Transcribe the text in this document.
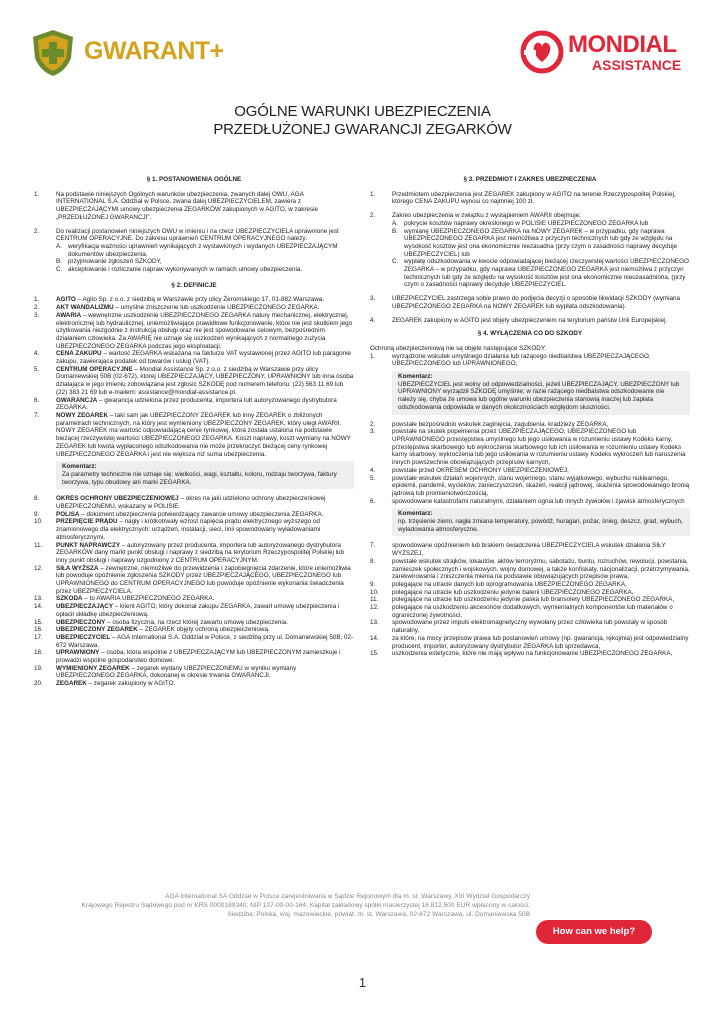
GWARANT+	MONDIAL
ASSISTANCE
OGÓLNE WARUNKI UBEZPIECZENIA
PRZEDŁUŻONEJ GWARANCJI ZEGARKÓW
§ 1. POSTANOWIENIA OGÓLNE
1.	Na podstawie niniejszych Ogólnych warunków ubezpieczenia, zwanych dalej OWU, AGA INTERNATIONAL S.A. Oddział w Polsce, zwana dalej UBEZPIECZYCIELEM, zawiera z UBEZPIECZAJĄCYMI umowy ubezpieczenia ZEGARKÓW zakupionych w AGITO, w zakresie „PRZEDŁUŻONEJ GWARANCJI”.
2.	Do realizacji postanowień niniejszych OWU w imieniu i na rzecz UBEZPIECZYCIELA uprawnione jest CENTRUM OPERACYJNE. Do zakresu uprawnień CENTRUM OPERACYJNEGO należy:
A. weryfikacja ważności uprawnień wynikających z wystawionych i wydanych UBEZPIECZAJĄCYM dokumentów ubezpieczenia,
B. przyjmowanie zgłoszeń SZKODY,
C. akceptowanie i rozliczanie napraw wykonywanych w ramach umowy ubezpieczenia.
§ 2. DEFINICJE
1.	AGITO – Agito Sp. z o.o. z siedzibą w Warszawie przy ulicy Żeromskiego 17, 01-882 Warszawa.
2.	AKT WANDALIZMU – umyślne zniszczenie lub uszkodzenie UBEZPIECZONEGO ZEGARKA.
3.	AWARIA – wewnętrzne uszkodzenie UBEZPIECZONEGO ZEGARKA natury mechanicznej, elektrycznej, elektronicznej lub hydraulicznej, uniemożliwiające prawidłowe funkcjonowanie, które nie jest skutkiem jego użytkowania niezgodnie z instrukcją obsługi oraz nie jest spowodowane celowym, bezpośrednim działaniem człowieka. Za AWARIĘ nie uznaje się uszkodzeń wynikających z normalnego zużycia UBEZPIECZONEGO ZEGARKA podczas jego eksploatacji.
4.	CENA ZAKUPU – wartość ZEGARKA wskazana na fakturze VAT wystawionej przez AGITO lub paragonie zakupu, zawierająca podatek od towarów i usług (VAT).
5.	CENTRUM OPERACYJNE – Mondial Assistance Sp. z o.o. z siedzibą w Warszawie przy ulicy Domaniewskiej 50B (02-672), której UBEZPIECZAJĄCY, UBEZPIECZONY, UPRAWNIONY lub inna osoba działająca w jego imieniu zobowiązana jest zgłosić SZKODĘ pod numerem telefonu: (22) 563 11 69 lub (22) 383 21 69 lub e-mailem: assistance@mondial-assistance.pl.
6.	GWARANCJA – gwarancja udzielona przez producenta, importera lub autoryzowanego dystrybutora ZEGARKA.
7.	NOWY ZEGAREK – taki sam jak UBEZPIECZONY ZEGAREK lub inny ZEGAREK o zbliżonych parametrach technicznych, na który jest wymieniony UBEZPIECZONY ZEGAREK, który uległ AWARII. NOWY ZEGAREK ma wartość odpowiadającą cenie rynkowej, która została ustalona na podstawie bieżącej rzeczywistej wartości UBEZPIECZONEGO ZEGARKA. Koszt naprawy, koszt wymiany na NOWY ZEGAREK lub kwota wypłaconego odszkodowania nie może przekroczyć bieżącej ceny rynkowej UBEZPIECZONEGO ZEGARKA i jest nie większa niż suma ubezpieczenia.
Komentarz:
Za parametry techniczne nie uznaje się: wielkości, wagi, kształtu, koloru, rodzaju tworzywa, faktury tworzywa, typu obudowy ani marki ZEGARKA.
8.	OKRES OCHRONY UBEZPIECZENIOWEJ – okres na jaki udzielono ochrony ubezpieczeniowej UBEZPIECZONEMU, wskazany w POLISIE.
9.	POLISA – dokument ubezpieczenia potwierdzający zawarcie umowy ubezpieczenia ZEGARKA.
10. PRZEPIĘCIE PRĄDU – nagły i krótkotrwały wzrost napięcia prądu elektrycznego wyższego od znamionowego dla elektrycznych: urządzeń, instalacji, sieci, linii spowodowany wyładowaniami atmosferycznymi.
11. PUNKT NAPRAWCZY – autoryzowany przez producenta, importera lub autoryzowanego dystrybutora ZEGARKÓW dany markt punkt obsługi i naprawy z siedzibą na terytorium Rzeczypospolitej Polskiej lub inny punkt obsługi i naprawy uzgodniony z CENTRUM OPERACYJNYM.
12. SIŁA WYŻSZA – zewnętrzne, niemożliwe do przewidzenia i zapobiegnięcia zdarzenie, które uniemożliwia lub powoduje opóźnienie zgłoszenia SZKODY przez UBEZPIECZAJĄCEGO, UBEZPIECZONEGO lub UPRAWNIONEGO do CENTRUM OPERACYJNEGO lub powoduje opóźnienie wykonania świadczenia przez UBEZPIECZYCIELA.
13. SZKODA – to AWARIA UBEZPIECZONEGO ZEGARKA.
14. UBEZPIECZAJĄCY – klient AGITO, który dokonał zakupu ZEGARKA, zawarł umowę ubezpieczenia i opłacił składkę ubezpieczeniową.
15. UBEZPIECZONY – osoba fizyczna, na rzecz której zawarto umowę ubezpieczenia.
16. UBEZPIECZONY ZEGAREK – ZEGAREK objęty ochroną ubezpieczeniową.
17. UBEZPIECZYCIEL – AGA International S.A. Oddział w Polsce, z siedzibą przy ul. Domaniewskiej 50B, 02-672 Warszawa.
18. UPRAWNIONY – osoba, która wspólnie z UBEZPIECZAJĄCYM lub UBEZPIECZONYM zamieszkuje i prowadzi wspólne gospodarstwo domowe.
19. WYMIENIONY ZEGAREK – zegarek wydany UBEZPIECZONEMU w wyniku wymiany UBEZPIECZONEGO ZEGARKA, dokonanej w okresie trwania GWARANCJI.
20. ZEGAREK – zegarek zakupiony w AGITO.
§ 3. PRZEDMIOT I ZAKRES UBEZPIECZENIA
1.	Przedmiotem ubezpieczenia jest ZEGAREK zakupiony w AGITO na terenie Rzeczypospolitej Polskiej, którego CENA ZAKUPU wynosi co najmniej 100 zł.
2.	Zakres ubezpieczenia w związku z wystąpieniem AWARII obejmuje:
A. pokrycie kosztów naprawy określonego w POLISIE UBEZPIECZONEGO ZEGARKA lub
B. wymianę UBEZPIECZONEGO ZEGARKA na NOWY ZEGAREK – w przypadku, gdy naprawa UBEZPIECZONEGO ZEGARKA jest niemożliwa z przyczyn technicznych lub gdy ze względu na wysokość kosztów jest ona ekonomicznie niezasadna (przy czym o zasadności naprawy decyduje UBEZPIECZYCIEL) lub
C. wypłatę odszkodowania w kwocie odpowiadającej bieżącej rzeczywistej wartości UBEZPIECZONEGO ZEGARKA – w przypadku, gdy naprawa UBEZPIECZONEGO ZEGARKA jest niemożliwa z przyczyn technicznych lub gdy ze względu na wysokość kosztów jest ona ekonomicznie nieuzasadniona, (przy czym o zasadności naprawy decyduje UBEZPIECZYCIEL.
3.	UBEZPIECZYCIEL zastrzega sobie prawo do podjęcia decyzji o sposobie likwidacji SZKODY (wymiana UBEZPIECZONEGO ZEGARKA na NOWY ZEGAREK lub wypłata odszkodowania).
4.	ZEGAREK zakupiony w AGITO jest objęty ubezpieczeniem na terytorium państw Unii Europejskiej.
§ 4. WYŁĄCZENIA CO DO SZKODY
Ochroną ubezpieczeniową nie są objęte następujące SZKODY:
1.	wyrządzone wskutek umyślnego działania lub rażącego niedbalstwa UBEZPIECZAJĄCEGO, UBEZPIECZONEGO lub UPRAWNIONEGO,
Komentarz:
UBEZPIECZYCIEL jest wolny od odpowiedzialności, jeżeli UBEZPIECZAJĄCY, UBEZPIECZONY lub UPRAWNIONY wyrządził SZKODĘ umyślnie; w razie rażącego niedbalstwa odszkodowanie nie należy się, chyba że umowa lub ogólne warunki ubezpieczenia stanowią inaczej lub zapłata odszkodowania odpowiada w danych okolicznościach względom słuszności.
2.	powstałe bezpośrednio wskutek zaginięcia, zagubienia, kradzieży ZEGARKA,
3.	powstałe na skutek popełnienia przez UBEZPIECZAJĄCEGO, UBEZPIECZONEGO lub UPRAWNIONEGO przestępstwa umyślnego lub jego usiłowania w rozumieniu ustawy Kodeks karny, przestępstwa skarbowego lub wykroczenia skarbowego lub ich usiłowania w rozumieniu ustawy Kodeks karny skarbowy, wykroczenia lub jego usiłowania w rozumieniu ustawy Kodeks wykroczeń lub naruszenia innych powszechnie obowiązujących przepisów karnych,
4.	powstałe przed OKRESEM OCHRONY UBEZPIECZENIOWEJ,
5.	powstałe wskutek działań wojennych, stanu wojennego, stanu wyjątkowego, wybuchu nuklearnego, epidemii, pandemii, wycieków, zanieczyszczeń, skażeń, reakcji jądrowej, skażenia spowodowanego bronią jądrową lub promieniotwórczością,
6.	spowodowane katastrofami naturalnymi, działaniem ognia lub innych żywiołów i zjawisk atmosferycznych
Komentarz:
np. trzęsienie ziemi, nagła zmiana temperatury, powódź, huragan, pożar, śnieg, deszcz, grad, wybuch, wyładowania atmosferyczne.
7.	spowodowane opóźnieniem lub brakiem świadczenia UBEZPIECZYCIELA wskutek działania SIŁY WYŻSZEJ,
8.	powstałe wskutek strajków, lokautów, aktów terroryzmu, sabotażu, buntu, rozruchów, rewolucji, powstania, zamieszek społecznych i wojskowych, wojny domowej, a także konfiskaty, nacjonalizacji, przetrzymywania, zarekwirowania i zniszczenia mienia na podstawie obowiązujących przepisów prawa,
9.	polegające na utracie danych lub oprogramowania UBEZPIECZONEGO ZEGARKA,
10. polegające na utracie lub uszkodzeniu jedynie baterii UBEZPIECZONEGO ZEGARKA,
11. polegające na utracie lub uszkodzeniu jedynie paska lub bransolety UBEZPIECZONEGO ZEGARKA,
12. polegające na uszkodzeniu akcesoriów dodatkowych, wymienialnych komponentów lub materiałów o ograniczonej żywotności,
13. spowodowane przez impuls elektromagnetyczny wywołany przez człowieka lub powstały w sposób naturalny,
14. za które, na mocy przepisów prawa lub postanowień umowy (np. gwarancja, rękojmia) jest odpowiedzialny producent, importer, autoryzowany dystrybutor ZEGARKA lub sprzedawca,
15. uszkodzenia estetyczne, które nie mają wpływu na funkcjonowanie UBEZPIECZONEGO ZEGARKA,
AGA International SA Oddział w Polsce zarejestrowana w Sądzie Rejonowym dla m. st. Warszawy, XIII Wydział Gospodarczy
Krajowego Rejestru Sądowego pod nr KRS 0000189340; NIP 107-00-00-164; Kapitał zakładowy spółki macierzystej 16.812.500 EUR wpłacony w całości;
Siedziba: Polska, woj. mazowieckie, powiat: m. st. Warszawa, 02-672 Warszawa, ul. Domaniewska 50B
How can we help?
1
